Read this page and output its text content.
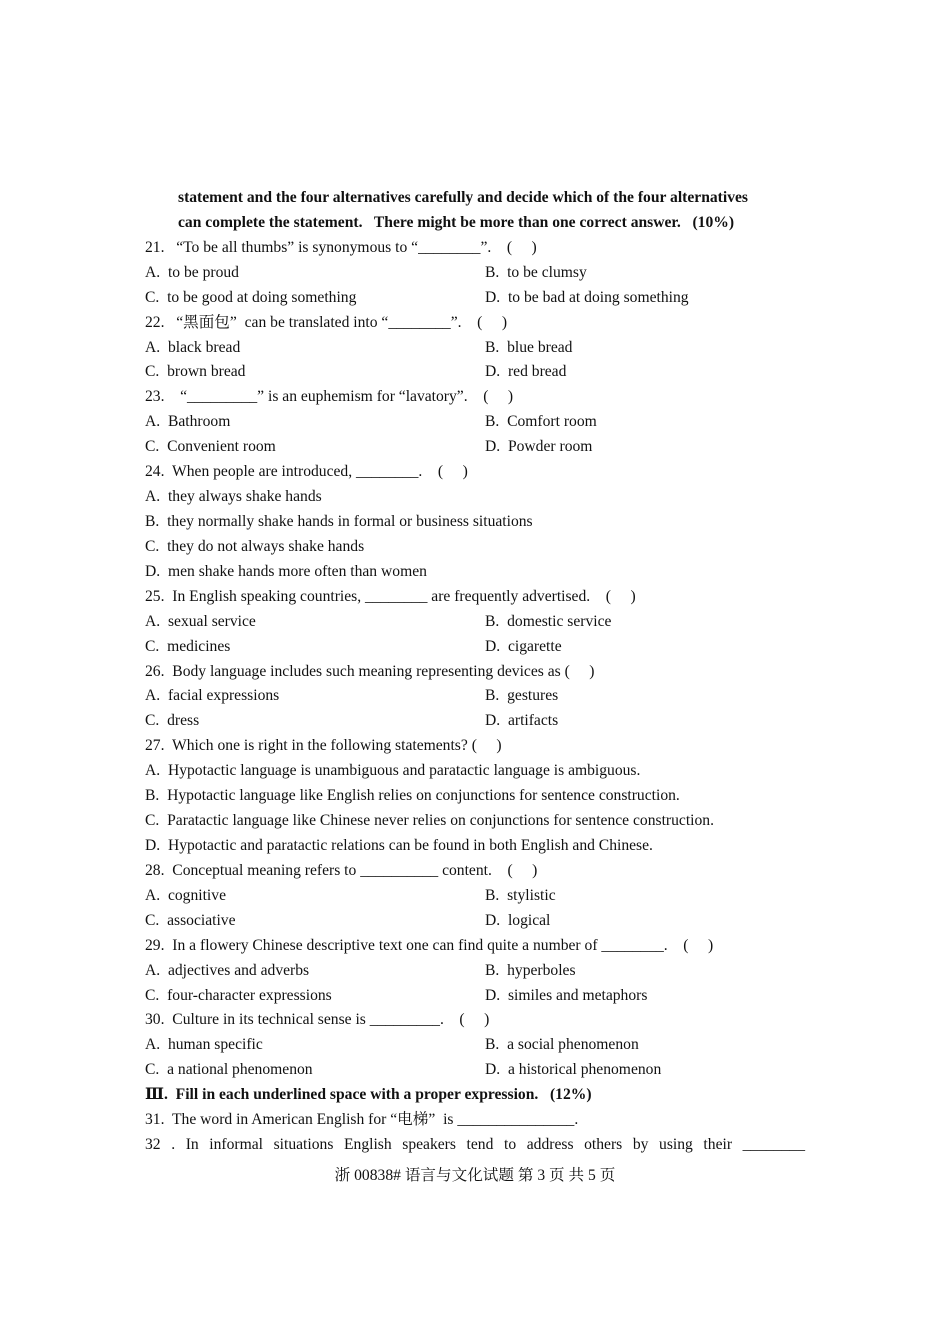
statement and the four alternatives carefully and decide which of the four alternatives
can complete the statement.   There might be more than one correct answer.   (10%)
21.   “To be all thumbs” is synonymous to “________”.    (     )
A.  to be proud	B.  to be clumsy
C.  to be good at doing something	D.  to be bad at doing something
22.   “黑面包”  can be translated into “________”.    (     )
A.  black bread	B.  blue bread
C.  brown bread	D.  red bread
23.    “_________” is an euphemism for “lavatory”.    (     )
A.  Bathroom	B.  Comfort room
C.  Convenient room	D.  Powder room
24.  When people are introduced, ________.    (     )
A.  they always shake hands
B.  they normally shake hands in formal or business situations
C.  they do not always shake hands
D.  men shake hands more often than women
25.  In English speaking countries, ________ are frequently advertised.    (     )
A.  sexual service	B.  domestic service
C.  medicines	D.  cigarette
26.  Body language includes such meaning representing devices as (     )
A.  facial expressions	B.  gestures
C.  dress	D.  artifacts
27.  Which one is right in the following statements? (     )
A.  Hypotactic language is unambiguous and paratactic language is ambiguous.
B.  Hypotactic language like English relies on conjunctions for sentence construction.
C.  Paratactic language like Chinese never relies on conjunctions for sentence construction.
D.  Hypotactic and paratactic relations can be found in both English and Chinese.
28.  Conceptual meaning refers to __________ content.    (     )
A.  cognitive	B.  stylistic
C.  associative	D.  logical
29.  In a flowery Chinese descriptive text one can find quite a number of ________.    (     )
A.  adjectives and adverbs	B.  hyperboles
C.  four-character expressions	D.  similes and metaphors
30.  Culture in its technical sense is _________.    (     )
A.  human specific	B.  a social phenomenon
C.  a national phenomenon	D.  a historical phenomenon
Ⅲ.  Fill in each underlined space with a proper expression.   (12%)
31.  The word in American English for “电梯”  is _______________.
32 . In informal situations English speakers tend to address others by using their ________
浙 00838# 语言与文化试题 第 3 页 共 5 页
